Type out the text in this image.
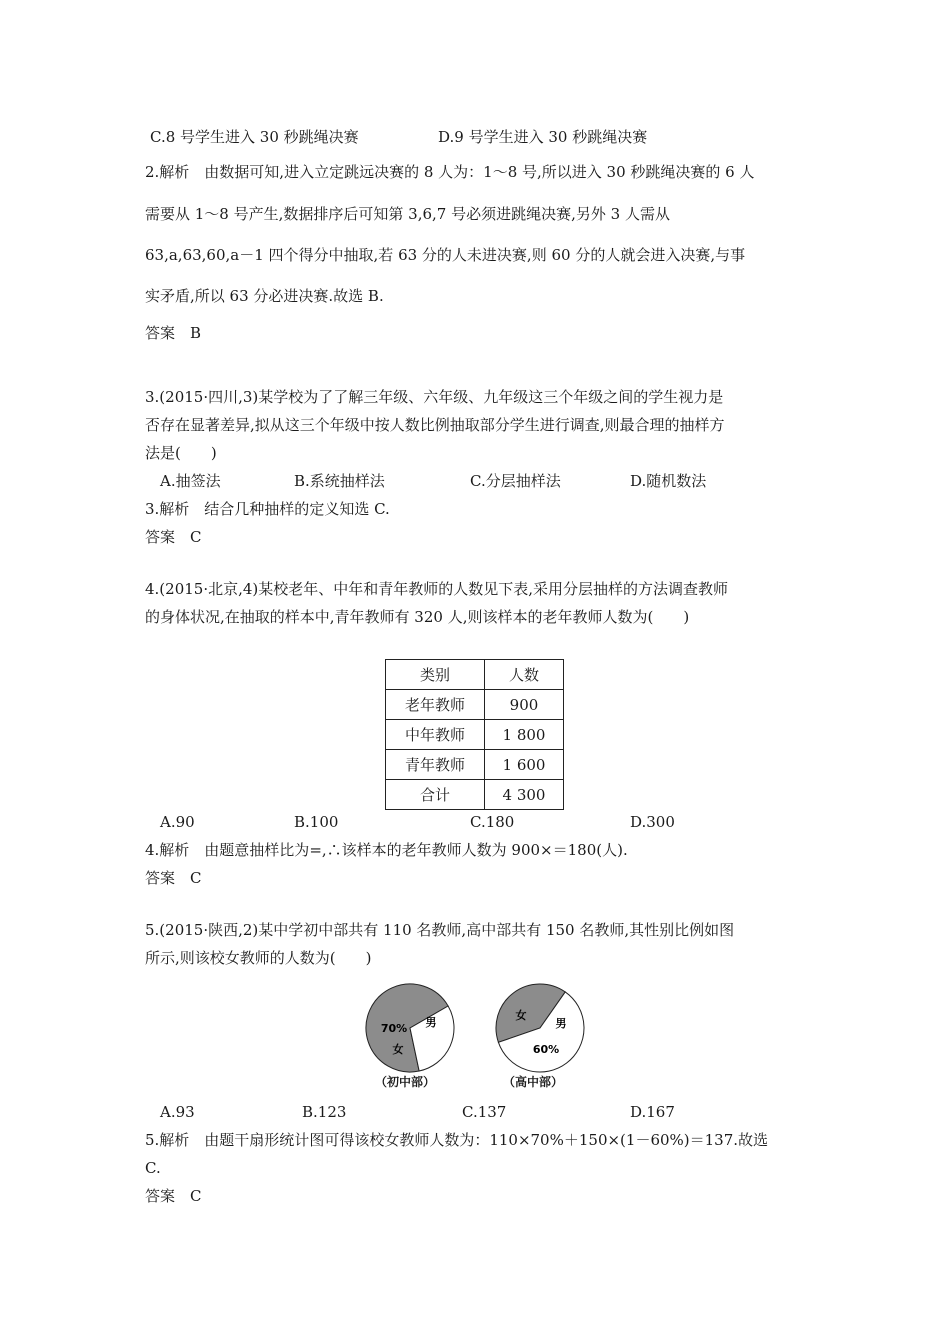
C.8 号学生进入 30 秒跳绳决赛	D.9 号学生进入 30 秒跳绳决赛
2.解析　由数据可知,进入立定跳远决赛的 8 人为：1～8 号,所以进入 30 秒跳绳决赛的 6 人
需要从 1～8 号产生,数据排序后可知第 3,6,7 号必须进跳绳决赛,另外 3 人需从
63,a,63,60,a－1 四个得分中抽取,若 63 分的人未进决赛,则 60 分的人就会进入决赛,与事
实矛盾,所以 63 分必进决赛.故选 B.
答案　B
3.(2015·四川,3)某学校为了了解三年级、六年级、九年级这三个年级之间的学生视力是
否存在显著差异,拟从这三个年级中按人数比例抽取部分学生进行调查,则最合理的抽样方
法是(　　)
A.抽签法	B.系统抽样法	C.分层抽样法	D.随机数法
3.解析　结合几种抽样的定义知选 C.
答案　C
4.(2015·北京,4)某校老年、中年和青年教师的人数见下表,采用分层抽样的方法调查教师
的身体状况,在抽取的样本中,青年教师有 320 人,则该样本的老年教师人数为(　　)
类别	人数
老年教师	900
中年教师	1 800
青年教师	1 600
合计	4 300
A.90	B.100	C.180	D.300
4.解析　由题意抽样比为=,∴该样本的老年教师人数为 900×＝180(人).
答案　C
5.(2015·陕西,2)某中学初中部共有 110 名教师,高中部共有 150 名教师,其性别比例如图
所示,则该校女教师的人数为(　　)
70%
女
男
（初中部）
女
男
60%
（高中部）
A.93	B.123	C.137	D.167
5.解析　由题干扇形统计图可得该校女教师人数为：110×70%＋150×(1－60%)＝137.故选
C.
答案　C
